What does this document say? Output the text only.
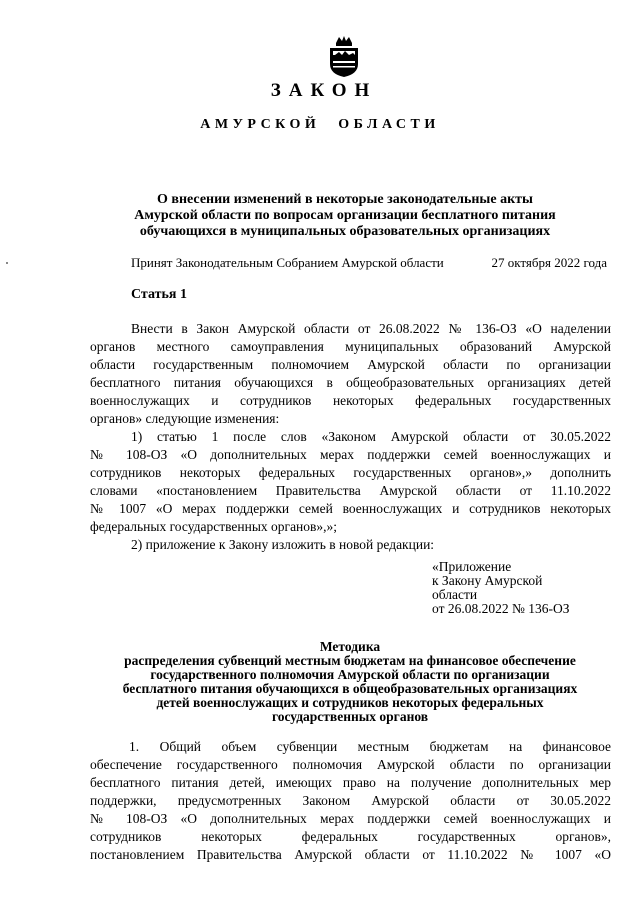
ЗАКОН
АМУРСКОЙ ОБЛАСТИ
О внесении изменений в некоторые законодательные акты
Амурской области по вопросам организации бесплатного питания
обучающихся в муниципальных образовательных организациях
Принят Законодательным Собранием Амурской области	27 октября 2022 года
Статья 1
Внести в Закон Амурской области от 26.08.2022 № 136-ОЗ «О наделении
органов местного самоуправления муниципальных образований Амурской
области государственным полномочием Амурской области по организации
бесплатного питания обучающихся в общеобразовательных организациях детей
военнослужащих и сотрудников некоторых федеральных государственных
органов» следующие изменения:
1) статью 1 после слов «Законом Амурской области от 30.05.2022
№ 108-ОЗ «О дополнительных мерах поддержки семей военнослужащих и
сотрудников некоторых федеральных государственных органов»,» дополнить
словами «постановлением Правительства Амурской области от 11.10.2022
№ 1007 «О мерах поддержки семей военнослужащих и сотрудников некоторых
федеральных государственных органов»,»;
2) приложение к Закону изложить в новой редакции:
«Приложение
к Закону Амурской
области
от 26.08.2022 № 136-ОЗ
Методика
распределения субвенций местным бюджетам на финансовое обеспечение
государственного полномочия Амурской области по организации
бесплатного питания обучающихся в общеобразовательных организациях
детей военнослужащих и сотрудников некоторых федеральных
государственных органов
1. Общий объем субвенции местным бюджетам на финансовое
обеспечение государственного полномочия Амурской области по организации
бесплатного питания детей, имеющих право на получение дополнительных мер
поддержки, предусмотренных Законом Амурской области от 30.05.2022
№ 108-ОЗ «О дополнительных мерах поддержки семей военнослужащих и
сотрудников некоторых федеральных государственных органов»,
постановлением Правительства Амурской области от 11.10.2022 № 1007 «О
